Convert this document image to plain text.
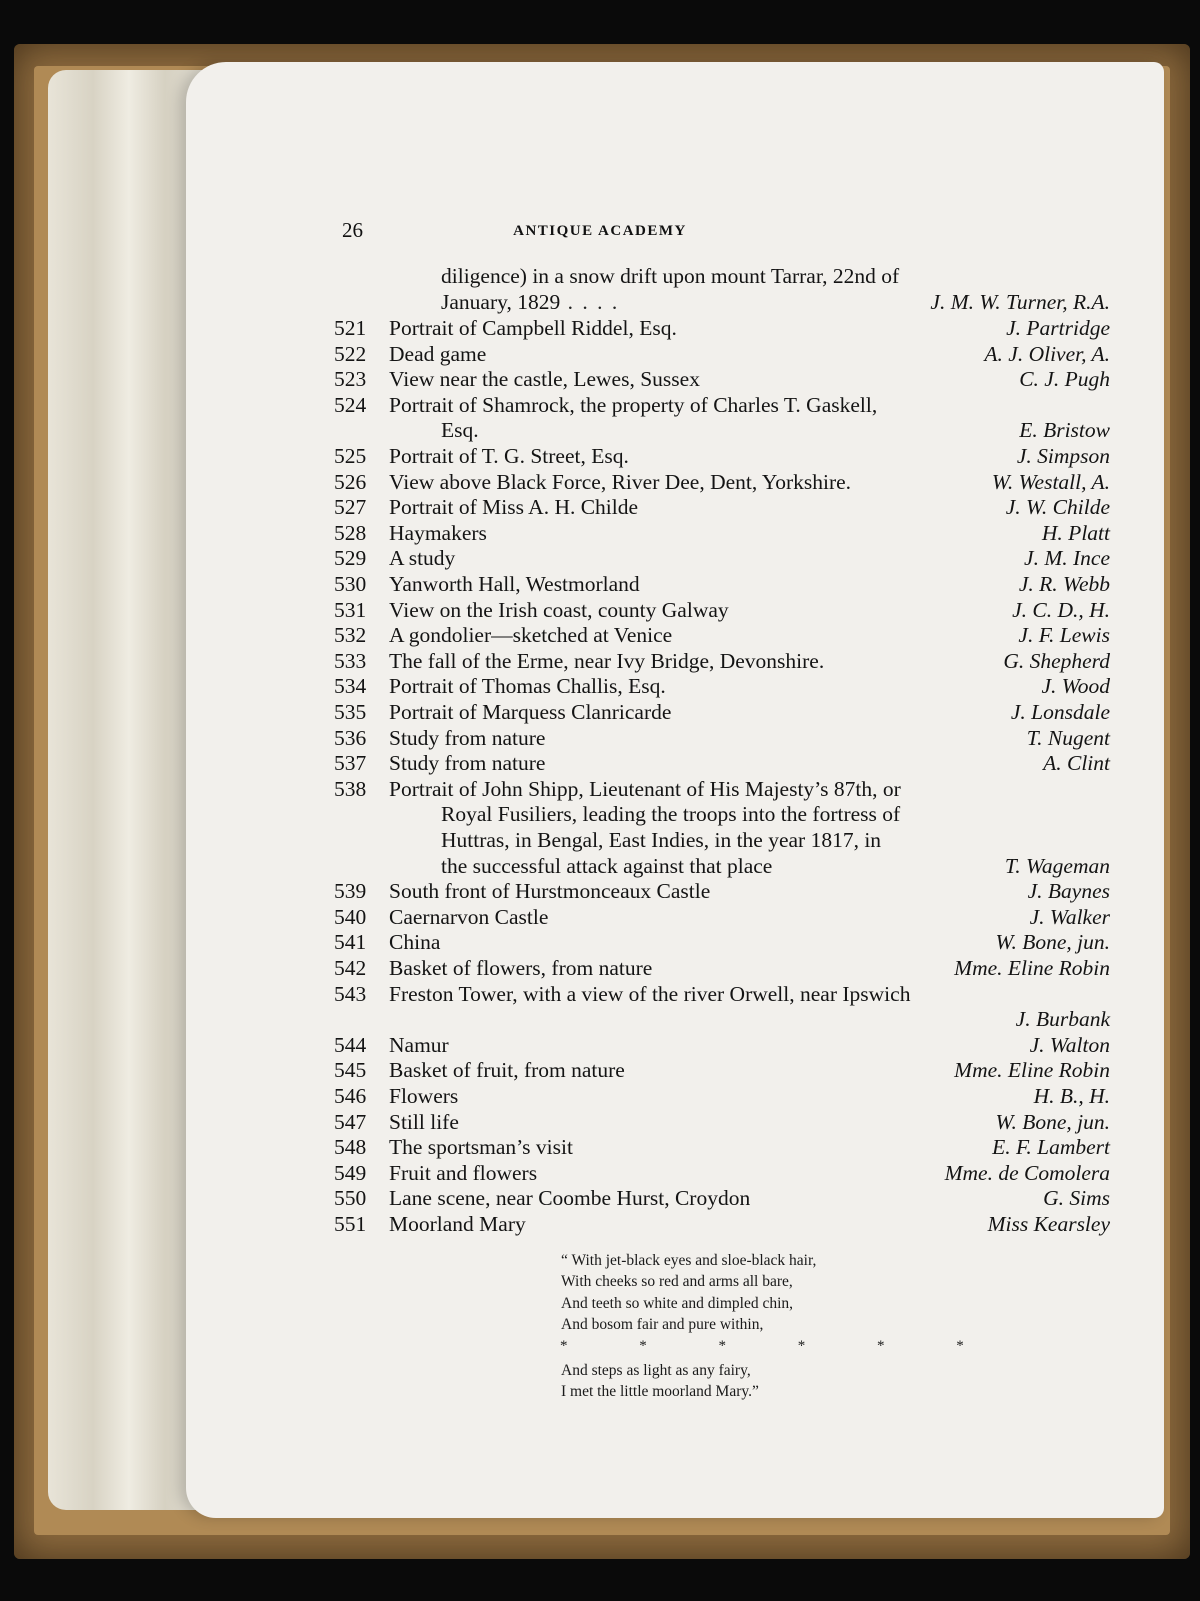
26	ANTIQUE ACADEMY
diligence) in a snow drift upon mount Tarrar, 22nd of
January, 1829 . . . .	J. M. W. Turner, R.A.
521 Portrait of Campbell Riddel, Esq.	J. Partridge
522 Dead game	A. J. Oliver, A.
523 View near the castle, Lewes, Sussex	C. J. Pugh
524 Portrait of Shamrock, the property of Charles T. Gaskell,
Esq.	E. Bristow
525 Portrait of T. G. Street, Esq.	J. Simpson
526 View above Black Force, River Dee, Dent, Yorkshire.	W. Westall, A.
527 Portrait of Miss A. H. Childe	J. W. Childe
528 Haymakers	H. Platt
529 A study	J. M. Ince
530 Yanworth Hall, Westmorland	J. R. Webb
531 View on the Irish coast, county Galway	J. C. D., H.
532 A gondolier—sketched at Venice	J. F. Lewis
533 The fall of the Erme, near Ivy Bridge, Devonshire.	G. Shepherd
534 Portrait of Thomas Challis, Esq.	J. Wood
535 Portrait of Marquess Clanricarde	J. Lonsdale
536 Study from nature	T. Nugent
537 Study from nature	A. Clint
538 Portrait of John Shipp, Lieutenant of His Majesty’s 87th, or
Royal Fusiliers, leading the troops into the fortress of
Huttras, in Bengal, East Indies, in the year 1817, in
the successful attack against that place	T. Wageman
539 South front of Hurstmonceaux Castle	J. Baynes
540 Caernarvon Castle	J. Walker
541 China	W. Bone, jun.
542 Basket of flowers, from nature	Mme. Eline Robin
543 Freston Tower, with a view of the river Orwell, near Ipswich
J. Burbank
544 Namur	J. Walton
545 Basket of fruit, from nature	Mme. Eline Robin
546 Flowers	H. B., H.
547 Still life	W. Bone, jun.
548 The sportsman’s visit	E. F. Lambert
549 Fruit and flowers	Mme. de Comolera
550 Lane scene, near Coombe Hurst, Croydon	G. Sims
551 Moorland Mary	Miss Kearsley
“ With jet-black eyes and sloe-black hair,
With cheeks so red and arms all bare,
And teeth so white and dimpled chin,
And bosom fair and pure within,
And steps as light as any fairy,
I met the little moorland Mary.”
* * * * * *
